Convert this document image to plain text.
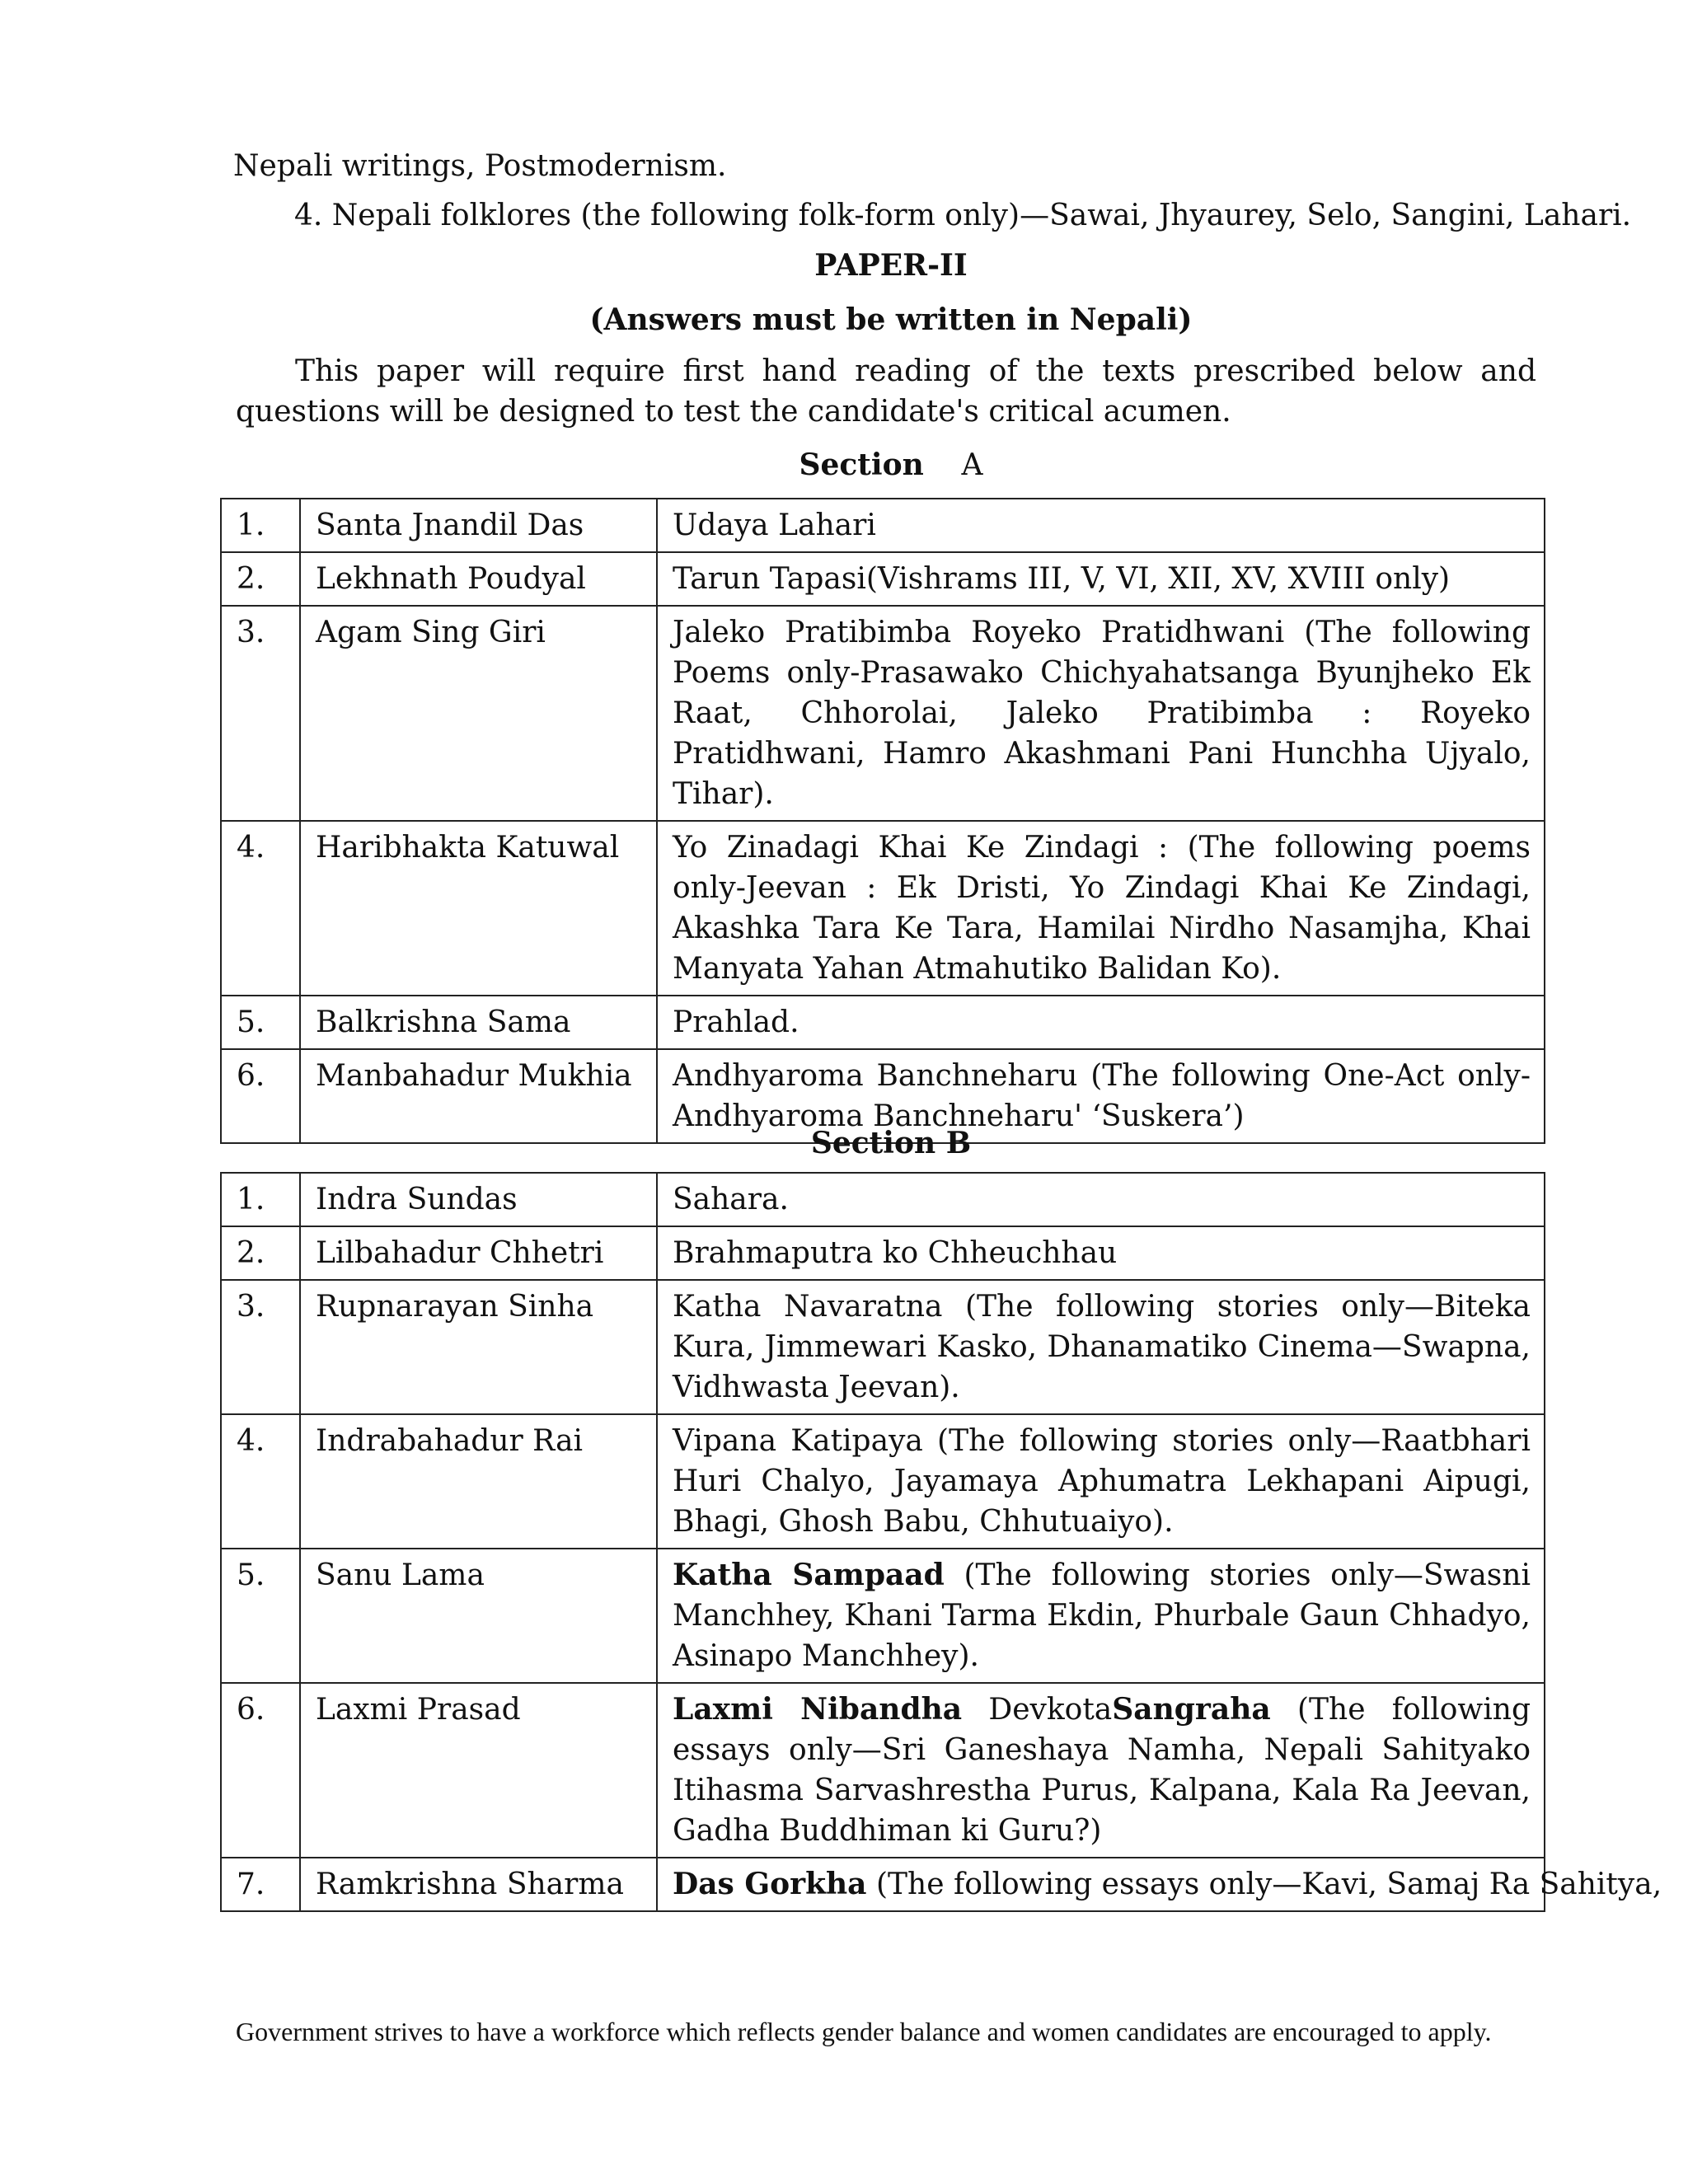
Nepali writings, Postmodernism.
4. Nepali folklores (the following folk-form only)—Sawai, Jhyaurey, Selo, Sangini, Lahari.
PAPER-II
(Answers must be written in Nepali)
This paper will require first hand reading of the texts prescribed below and questions will be designed to test the candidate's critical acumen.
Section A
1.	Santa Jnandil Das	Udaya Lahari
2.	Lekhnath Poudyal	Tarun Tapasi(Vishrams III, V, VI, XII, XV, XVIII only)
3.	Agam Sing Giri	Jaleko Pratibimba Royeko Pratidhwani (The following Poems only-Prasawako Chichyahatsanga Byunjheko Ek Raat, Chhorolai, Jaleko Pratibimba : Royeko Pratidhwani, Hamro Akashmani Pani Hunchha Ujyalo, Tihar).
4.	Haribhakta Katuwal	Yo Zinadagi Khai Ke Zindagi : (The following poems only-Jeevan : Ek Dristi, Yo Zindagi Khai Ke Zindagi, Akashka Tara Ke Tara, Hamilai Nirdho Nasamjha, Khai Manyata Yahan Atmahutiko Balidan Ko).
5.	Balkrishna Sama	Prahlad.
6.	Manbahadur Mukhia	Andhyaroma Banchneharu (The following One-Act only-Andhyaroma Banchneharu' ‘Suskera’)
Section B
1.	Indra Sundas	Sahara.
2.	Lilbahadur Chhetri	Brahmaputra ko Chheuchhau
3.	Rupnarayan Sinha	Katha Navaratna (The following stories only—Biteka Kura, Jimmewari Kasko, Dhanamatiko Cinema—Swapna, Vidhwasta Jeevan).
4.	Indrabahadur Rai	Vipana Katipaya (The following stories only—Raatbhari Huri Chalyo, Jayamaya Aphumatra Lekhapani Aipugi, Bhagi, Ghosh Babu, Chhutuaiyo).
5.	Sanu Lama	Katha Sampaad (The following stories only—Swasni Manchhey, Khani Tarma Ekdin, Phurbale Gaun Chhadyo, Asinapo Manchhey).
6.	Laxmi Prasad	Laxmi Nibandha DevkotaSangraha (The following essays only—Sri Ganeshaya Namha, Nepali Sahityako Itihasma Sarvashrestha Purus, Kalpana, Kala Ra Jeevan, Gadha Buddhiman ki Guru?)
7.	Ramkrishna Sharma	Das Gorkha (The following essays only—Kavi, Samaj Ra Sahitya,
Government strives to have a workforce which reflects gender balance and women candidates are encouraged to apply.
